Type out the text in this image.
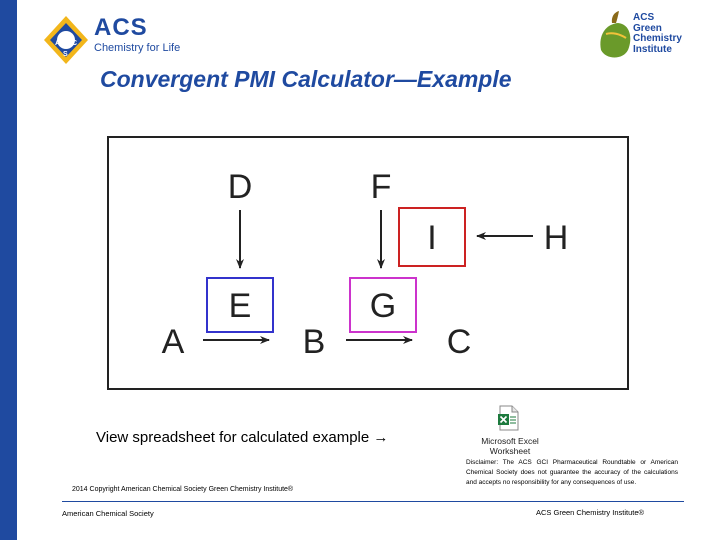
A C
S
ACS
Chemistry for Life
ACS
Green
Chemistry
Institute
Convergent PMI Calculator—Example
D	F
I	H
E	G
A	B	C
View spreadsheet for calculated example →	Microsoft Excel
Worksheet
2014 Copyright American Chemical Society Green Chemistry Institute®
Disclaimer: The ACS GCI Pharmaceutical Roundtable or American Chemical Society does not guarantee the accuracy of the calculations and accepts no responsibility for any consequences of use.
American Chemical Society	ACS Green Chemistry Institute®
